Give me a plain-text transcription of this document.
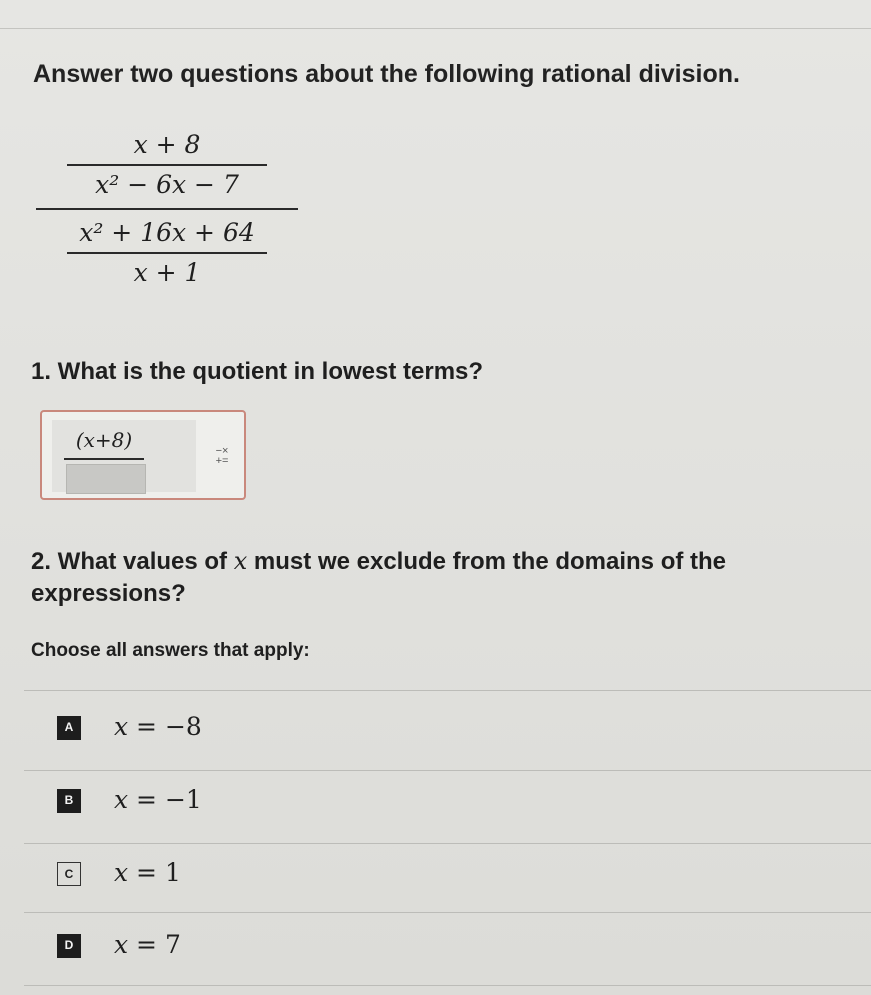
Answer two questions about the following rational division.
x + 8
x² − 6x − 7
x² + 16x + 64
x + 1
1. What is the quotient in lowest terms?
(x+8)	−×
+=
2. What values of x must we exclude from the domains of the expressions?
Choose all answers that apply:
A	x = −8
B	x = −1
C	x = 1
D	x = 7
